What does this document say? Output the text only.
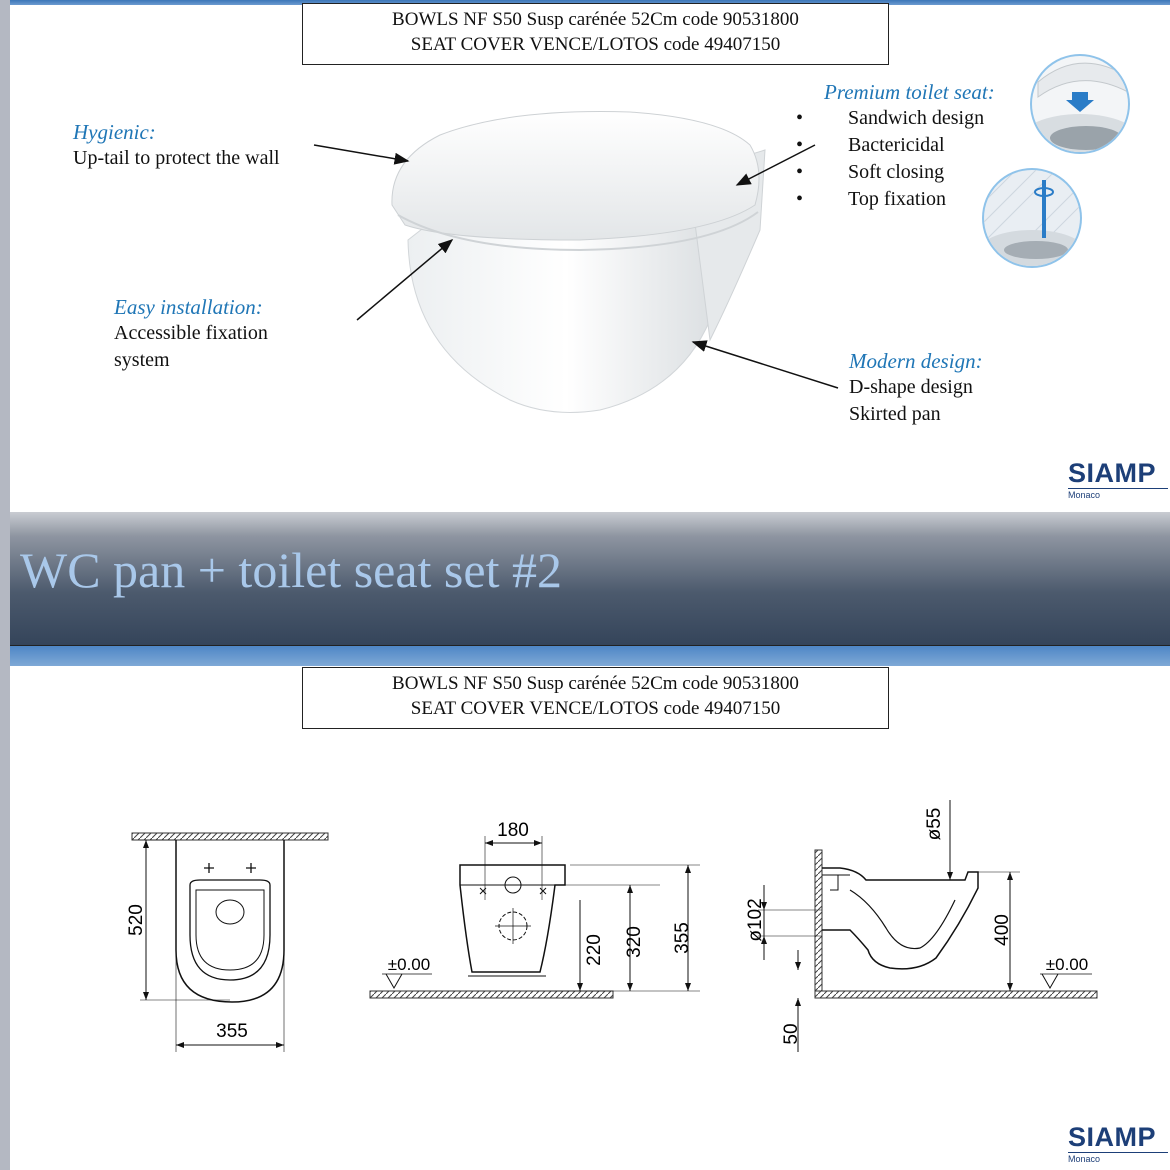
BOWLS NF S50 Susp carénée 52Cm code 90531800
SEAT COVER VENCE/LOTOS code 49407150
Hygienic:
Up-tail to protect the wall
Easy installation:
Accessible fixation
system
Premium toilet seat:
• Sandwich design
• Bactericidal
• Soft closing
• Top fixation
Modern design:
D-shape design
Skirted pan
SIAMP
Monaco
WC pan + toilet seat set #2
BOWLS NF S50 Susp carénée 52Cm code 90531800
SEAT COVER VENCE/LOTOS code 49407150
520
355
180
±0.00	220 320 355
ø55
ø102	400
±0.00
50
SIAMP
Monaco
